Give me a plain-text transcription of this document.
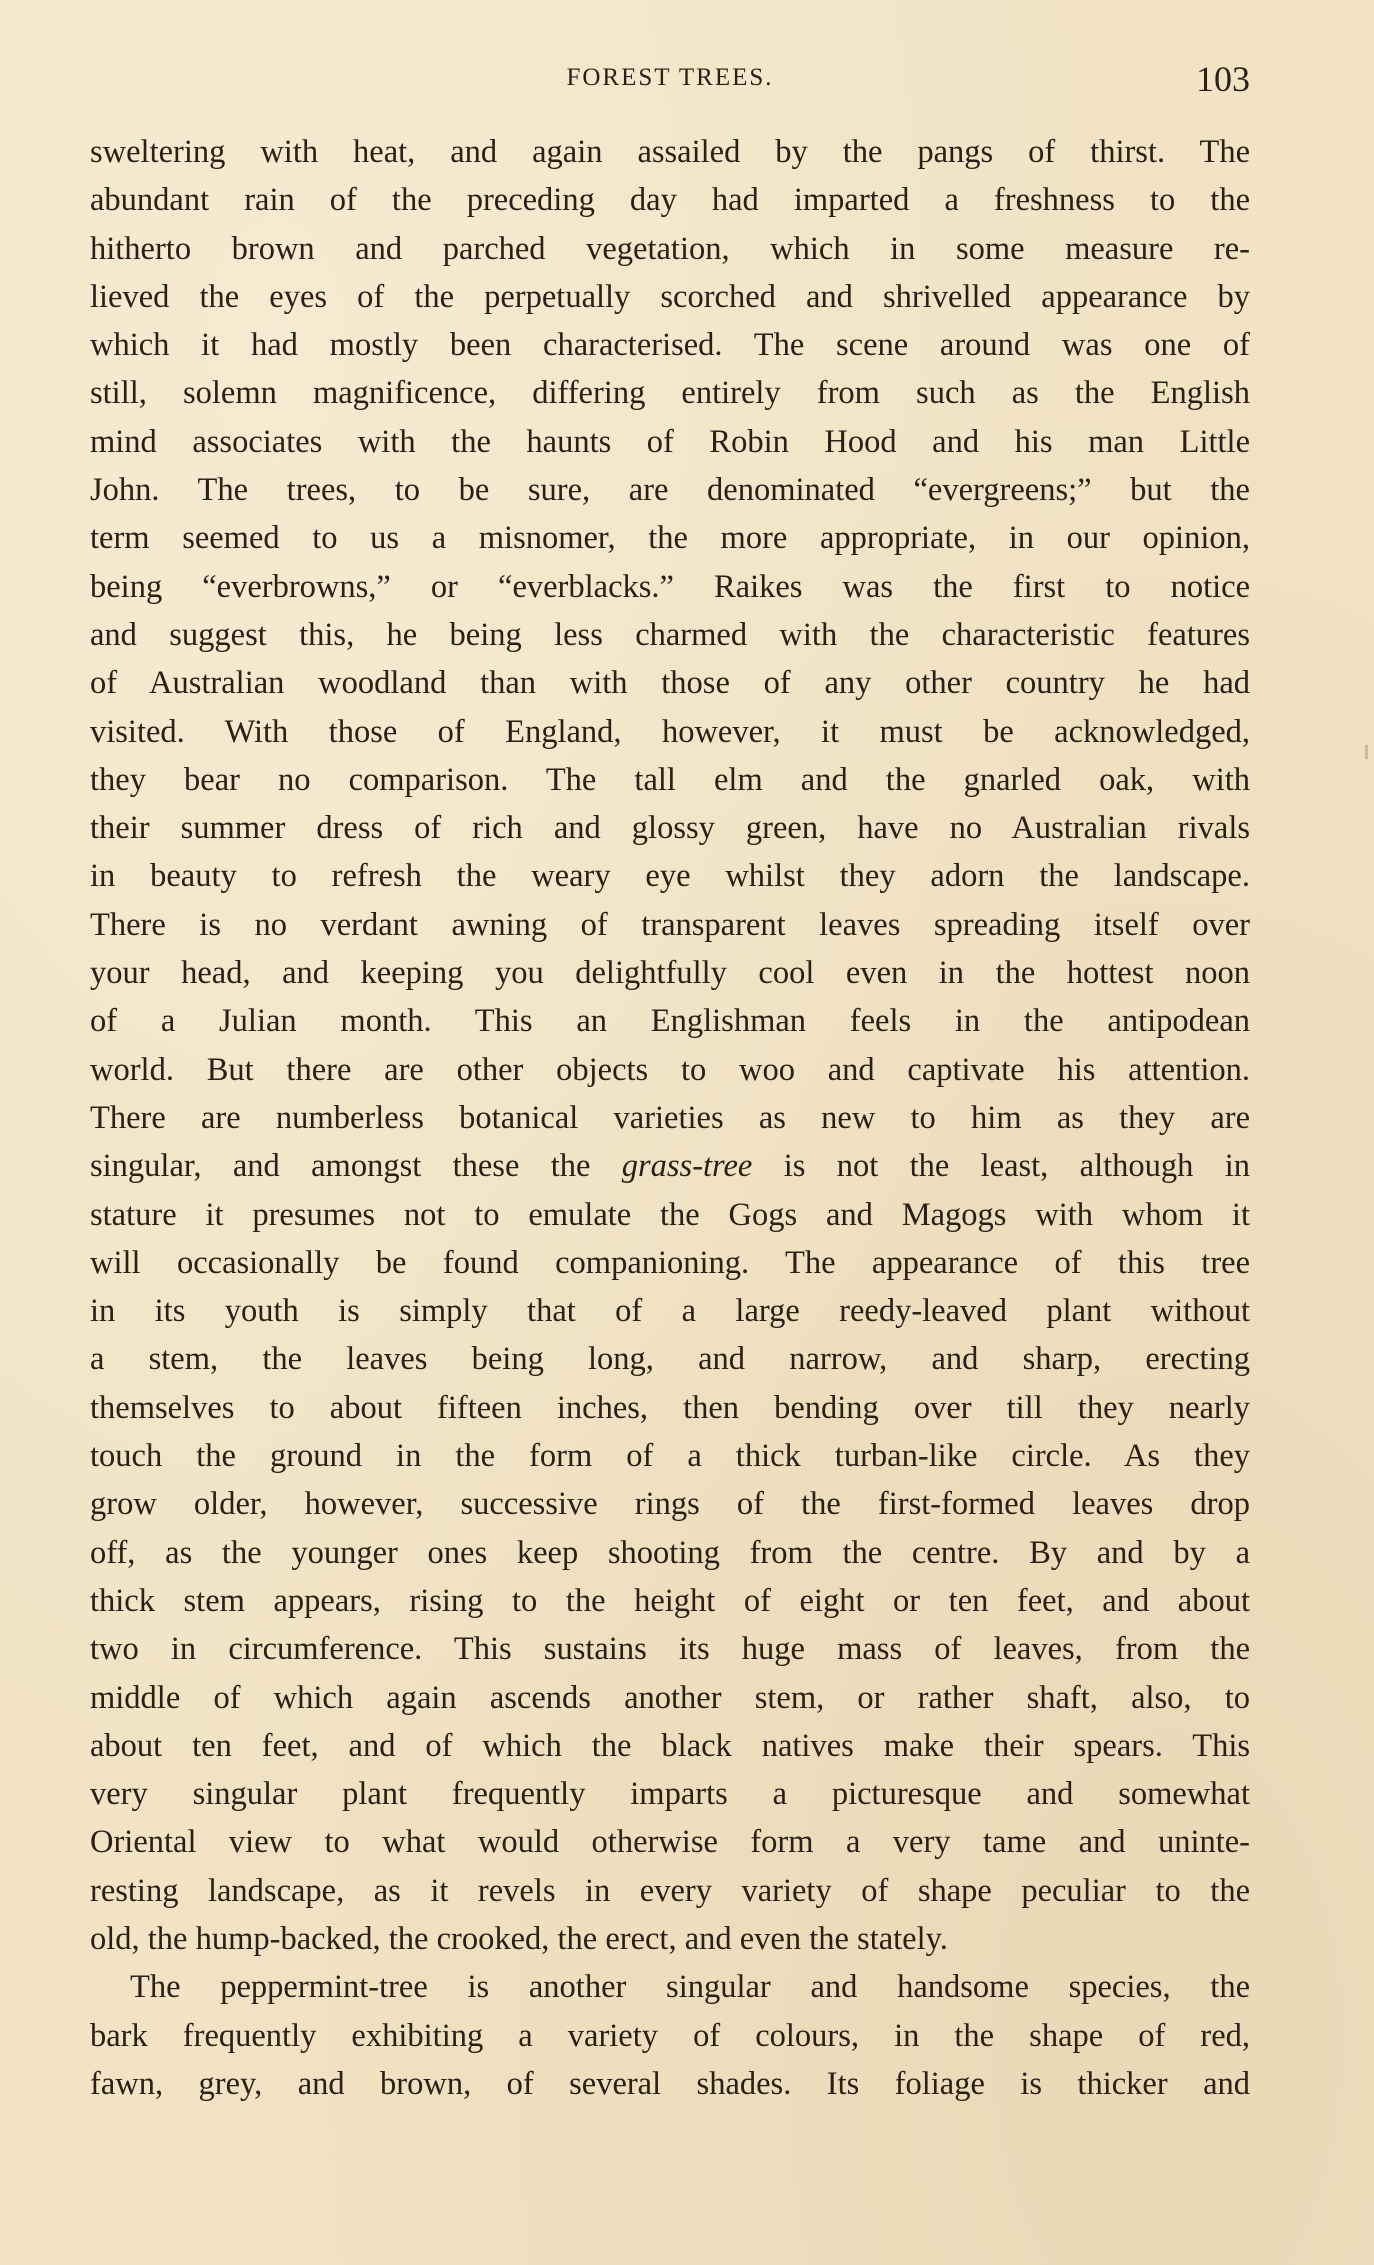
FOREST TREES.	103
sweltering with heat, and again assailed by the pangs of thirst. The
abundant rain of the preceding day had imparted a freshness to the
hitherto brown and parched vegetation, which in some measure re-
lieved the eyes of the perpetually scorched and shrivelled appearance by
which it had mostly been characterised. The scene around was one of
still, solemn magnificence, differing entirely from such as the English
mind associates with the haunts of Robin Hood and his man Little
John. The trees, to be sure, are denominated “evergreens;” but the
term seemed to us a misnomer, the more appropriate, in our opinion,
being “everbrowns,” or “everblacks.” Raikes was the first to notice
and suggest this, he being less charmed with the characteristic features
of Australian woodland than with those of any other country he had
visited. With those of England, however, it must be acknowledged,
they bear no comparison. The tall elm and the gnarled oak, with
their summer dress of rich and glossy green, have no Australian rivals
in beauty to refresh the weary eye whilst they adorn the landscape.
There is no verdant awning of transparent leaves spreading itself over
your head, and keeping you delightfully cool even in the hottest noon
of a Julian month. This an Englishman feels in the antipodean
world. But there are other objects to woo and captivate his attention.
There are numberless botanical varieties as new to him as they are
singular, and amongst these the grass-tree is not the least, although in
stature it presumes not to emulate the Gogs and Magogs with whom it
will occasionally be found companioning. The appearance of this tree
in its youth is simply that of a large reedy-leaved plant without
a stem, the leaves being long, and narrow, and sharp, erecting
themselves to about fifteen inches, then bending over till they nearly
touch the ground in the form of a thick turban-like circle. As they
grow older, however, successive rings of the first-formed leaves drop
off, as the younger ones keep shooting from the centre. By and by a
thick stem appears, rising to the height of eight or ten feet, and about
two in circumference. This sustains its huge mass of leaves, from the
middle of which again ascends another stem, or rather shaft, also, to
about ten feet, and of which the black natives make their spears. This
very singular plant frequently imparts a picturesque and somewhat
Oriental view to what would otherwise form a very tame and uninte-
resting landscape, as it revels in every variety of shape peculiar to the
old, the hump-backed, the crooked, the erect, and even the stately.
The peppermint-tree is another singular and handsome species, the
bark frequently exhibiting a variety of colours, in the shape of red,
fawn, grey, and brown, of several shades. Its foliage is thicker and
